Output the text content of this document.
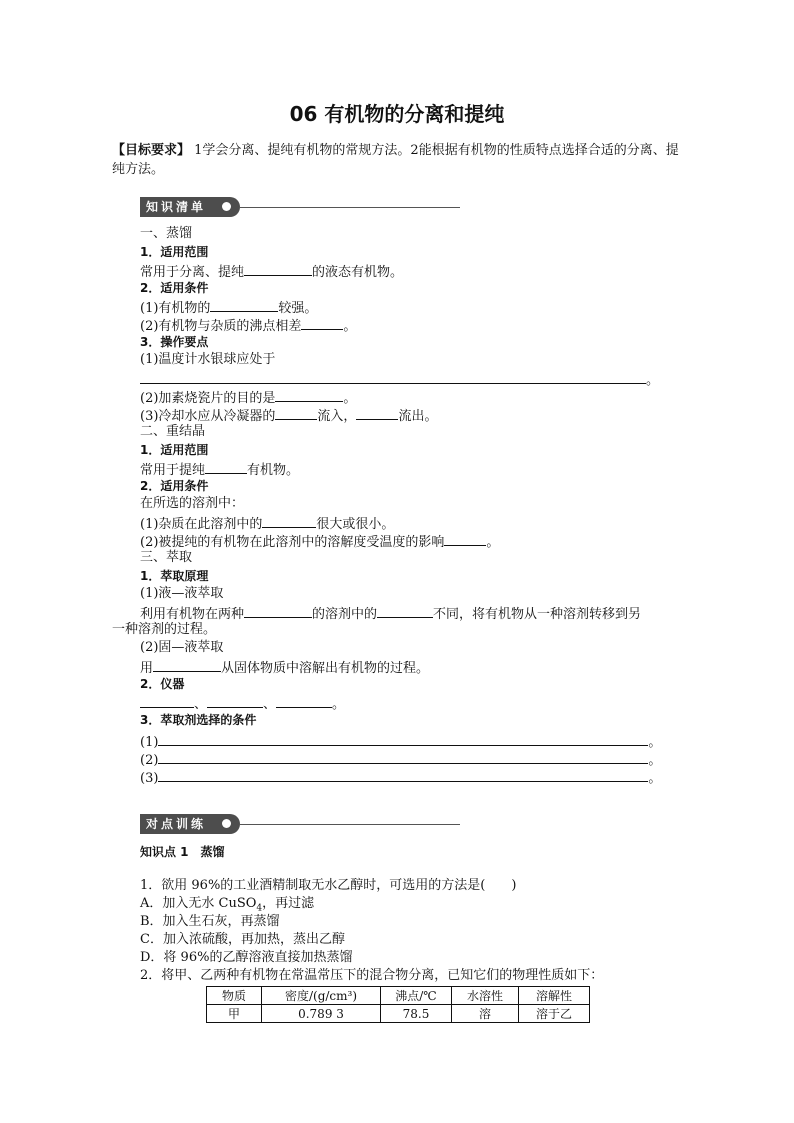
06 有机物的分离和提纯
【目标要求】 1学会分离、提纯有机物的常规方法。2能根据有机物的性质特点选择合适的分离、提纯方法。
知识清单
一、蒸馏
1．适用范围
常用于分离、提纯	的液态有机物。
2．适用条件
(1)有机物的	较强。
(2)有机物与杂质的沸点相差	。
3．操作要点
(1)温度计水银球应处于
。
(2)加素烧瓷片的目的是	。
(3)冷却水应从冷凝器的	流入，	流出。
二、重结晶
1．适用范围
常用于提纯	有机物。
2．适用条件
在所选的溶剂中：
(1)杂质在此溶剂中的	很大或很小。
(2)被提纯的有机物在此溶剂中的溶解度受温度的影响	。
三、萃取
1．萃取原理
(1)液—液萃取
利用有机物在两种	的溶剂中的	不同，将有机物从一种溶剂转移到另
一种溶剂的过程。
(2)固—液萃取
用	从固体物质中溶解出有机物的过程。
2．仪器
、	、	。
3．萃取剂选择的条件
(1)	。
(2)	。
(3)	。
对点训练
知识点 1　蒸馏
1．欲用 96%的工业酒精制取无水乙醇时，可选用的方法是(　　)
A．加入无水 CuSO$_4$，再过滤
B．加入生石灰，再蒸馏
C．加入浓硫酸，再加热，蒸出乙醇
D．将 96%的乙醇溶液直接加热蒸馏
2．将甲、乙两种有机物在常温常压下的混合物分离，已知它们的物理性质如下：
物质	密度/(g/cm³)	沸点/℃	水溶性	溶解性
甲	0.789 3	78.5	溶	溶于乙
